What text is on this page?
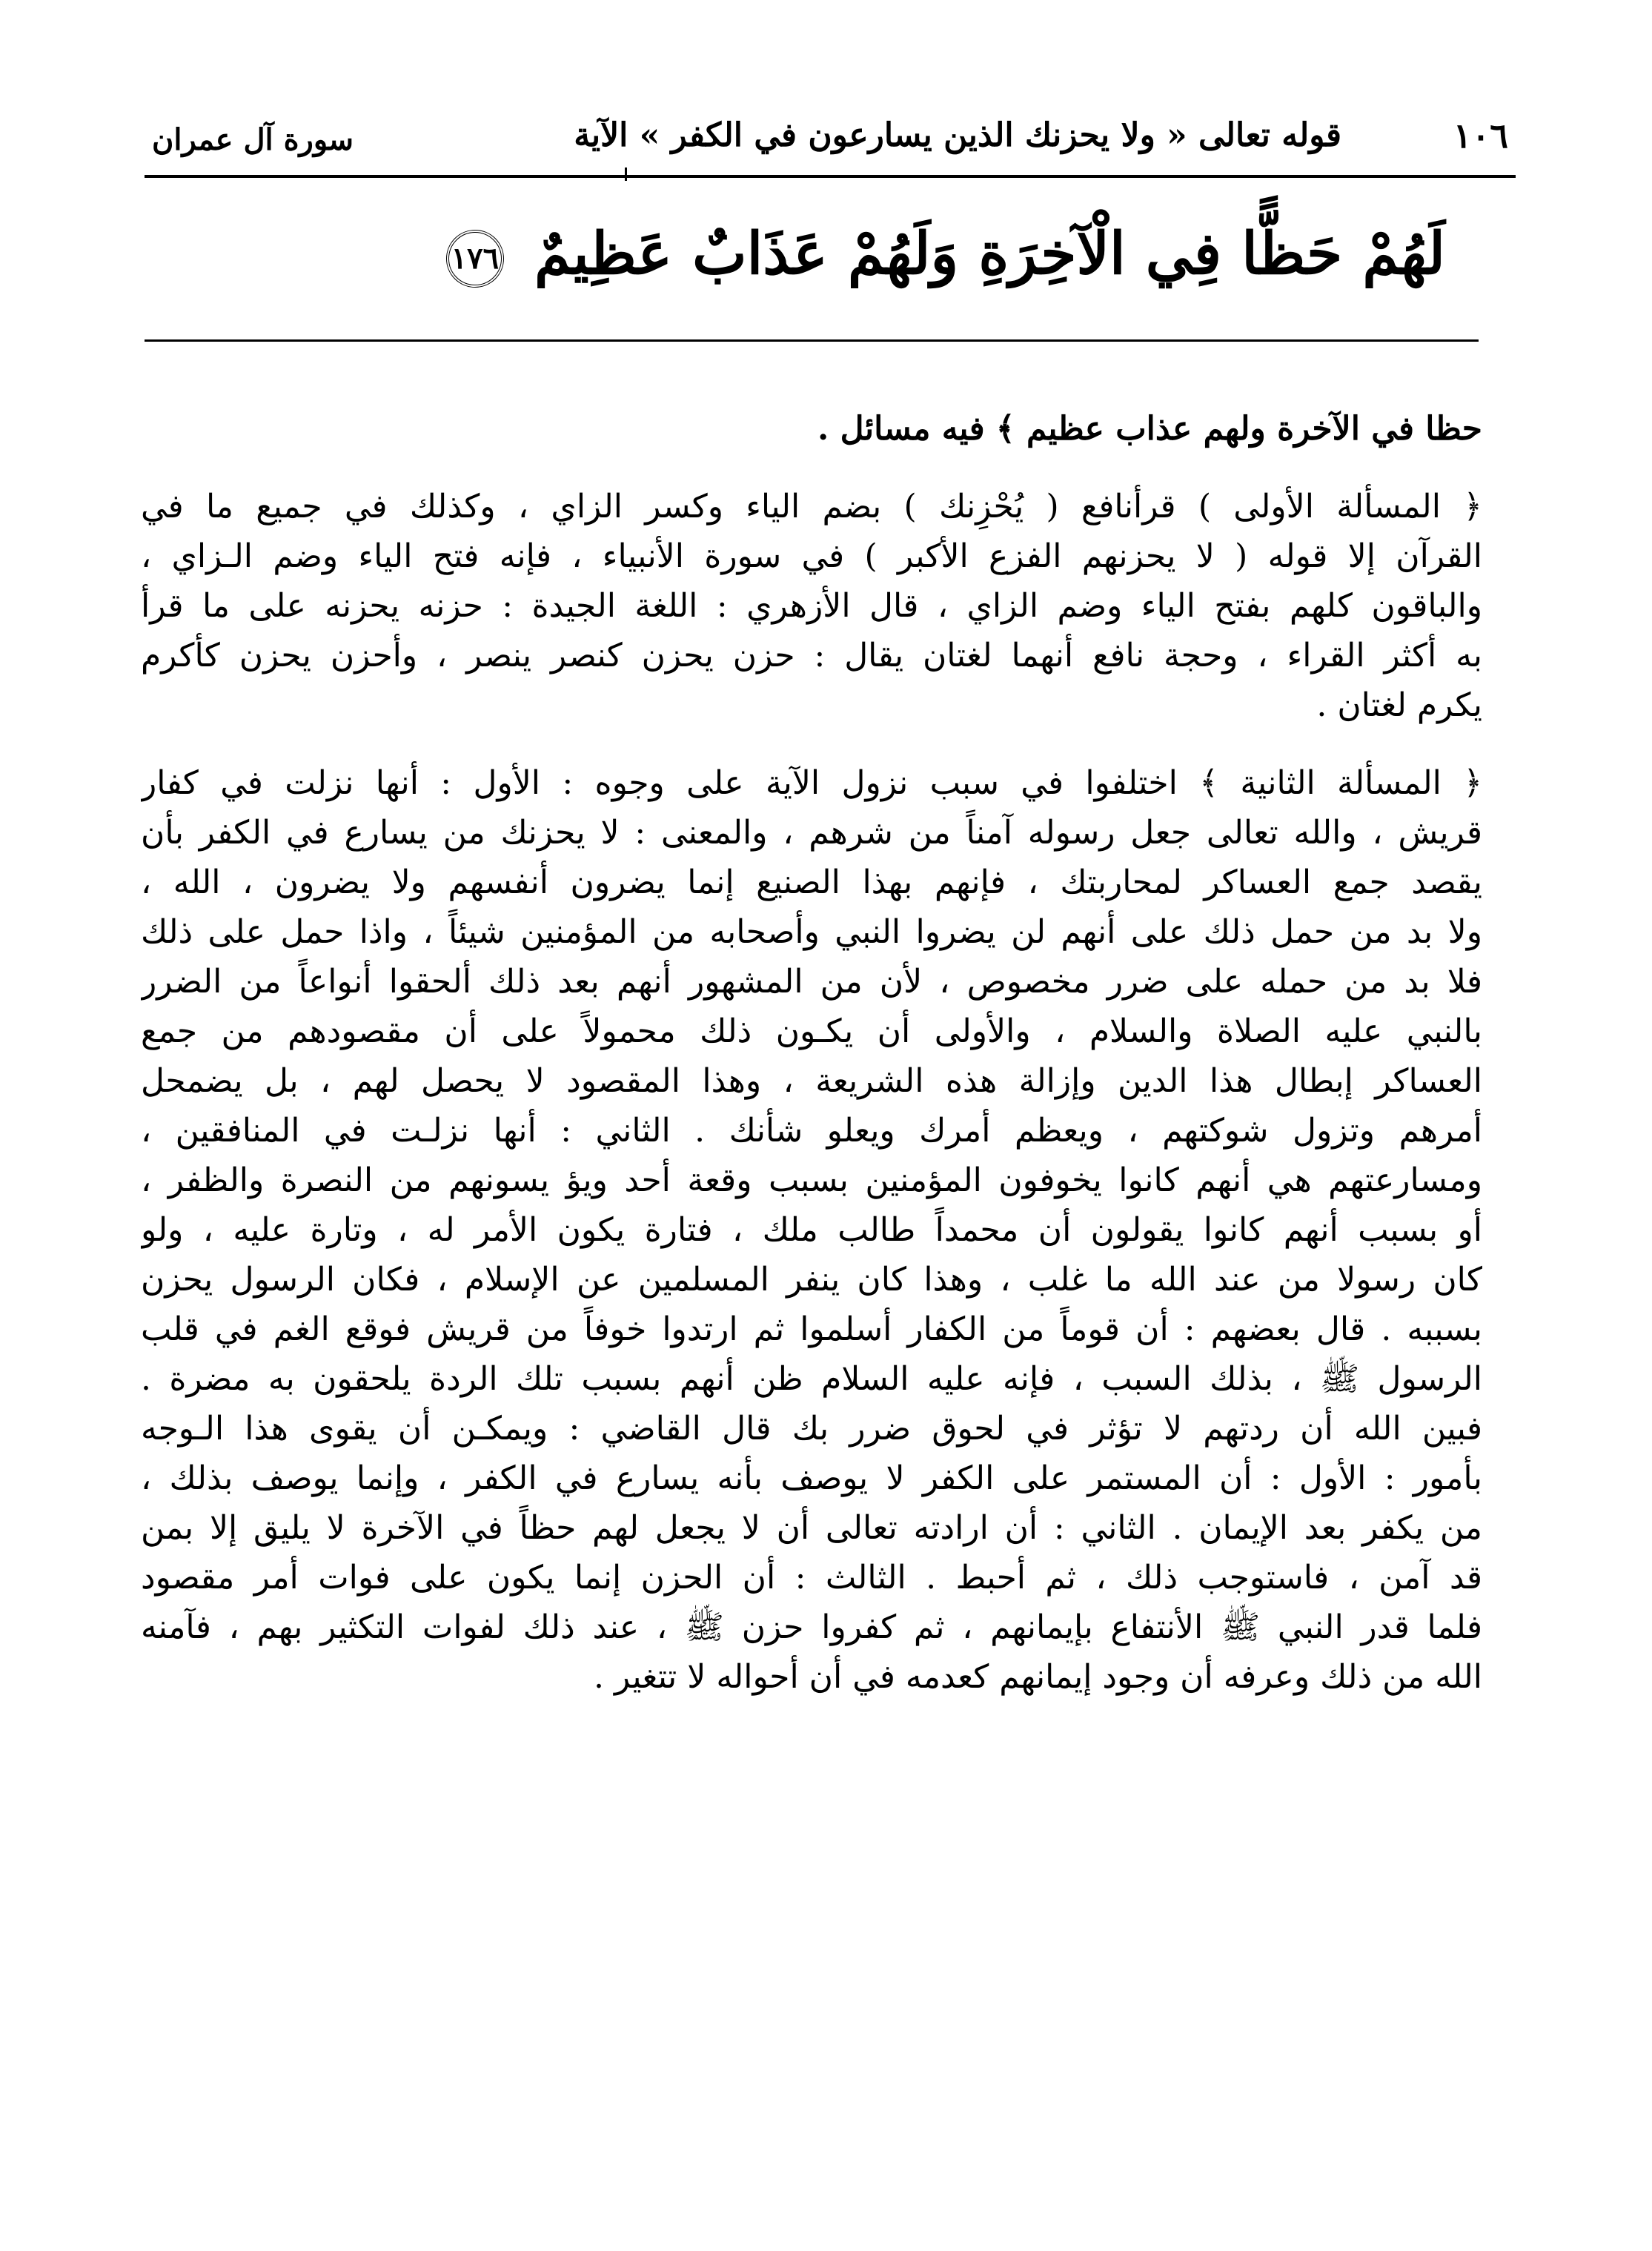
١٠٦
قوله تعالى « ولا يحزنك الذين يسارعون في الكفر » الآية
سورة آل عمران
لَهُمْ حَظًّا فِي الْآخِرَةِ وَلَهُمْ عَذَابٌ عَظِيمٌ ١٧٦

حظا في الآخرة ولهم عذاب عظيم ﴾ فيه مسائل .

﴿ المسألة الأولى ) قرأنافع ( يُحْزِنك ) بضم الياء وكسر الزاي ، وكذلك في جميع ما في
القرآن إلا قوله ( لا يحزنهم الفزع الأكبر ) في سورة الأنبياء ، فإنه فتح الياء وضم الـزاي ،
والباقون كلهم بفتح الياء وضم الزاي ، قال الأزهري : اللغة الجيدة : حزنه يحزنه على ما قرأ
به أكثر القراء ، وحجة نافع أنهما لغتان يقال : حزن يحزن كنصر ينصر ، وأحزن يحزن كأكرم
يكرم لغتان .

﴿ المسألة الثانية ﴾ اختلفوا في سبب نزول الآية على وجوه : الأول : أنها نزلت في كفار
قريش ، والله تعالى جعل رسوله آمناً من شرهم ، والمعنى : لا يحزنك من يسارع في الكفر بأن
يقصد جمع العساكر لمحاربتك ، فإنهم بهذا الصنيع إنما يضرون أنفسهم ولا يضرون ، الله ،
ولا بد من حمل ذلك على أنهم لن يضروا النبي وأصحابه من المؤمنين شيئاً ، واذا حمل على ذلك
فلا بد من حمله على ضرر مخصوص ، لأن من المشهور أنهم بعد ذلك ألحقوا أنواعاً من الضرر
بالنبي عليه الصلاة والسلام ، والأولى أن يكـون ذلك محمولاً على أن مقصودهم من جمع
العساكر إبطال هذا الدين وإزالة هذه الشريعة ، وهذا المقصود لا يحصل لهم ، بل يضمحل
أمرهم وتزول شوكتهم ، ويعظم أمرك ويعلو شأنك . الثاني : أنها نزلـت في المنافقين ،
ومسارعتهم هي أنهم كانوا يخوفون المؤمنين بسبب وقعة أحد ويؤ يسونهم من النصرة والظفر ،
أو بسبب أنهم كانوا يقولون أن محمداً طالب ملك ، فتارة يكون الأمر له ، وتارة عليه ، ولو
كان رسولا من عند الله ما غلب ، وهذا كان ينفر المسلمين عن الإسلام ، فكان الرسول يحزن
بسببه . قال بعضهم : أن قوماً من الكفار أسلموا ثم ارتدوا خوفاً من قريش فوقع الغم في قلب
الرسول ﷺ ، بذلك السبب ، فإنه عليه السلام ظن أنهم بسبب تلك الردة يلحقون به مضرة .
فبين الله أن ردتهم لا تؤثر في لحوق ضرر بك قال القاضي : ويمكـن أن يقوى هذا الـوجه
بأمور : الأول : أن المستمر على الكفر لا يوصف بأنه يسارع في الكفر ، وإنما يوصف بذلك ،
من يكفر بعد الإيمان . الثاني : أن ارادته تعالى أن لا يجعل لهم حظاً في الآخرة لا يليق إلا بمن
قد آمن ، فاستوجب ذلك ، ثم أحبط . الثالث : أن الحزن إنما يكون على فوات أمر مقصود
فلما قدر النبي ﷺ الأنتفاع بإيمانهم ، ثم كفروا حزن ﷺ ، عند ذلك لفوات التكثير بهم ، فآمنه
الله من ذلك وعرفه أن وجود إيمانهم كعدمه في أن أحواله لا تتغير .
